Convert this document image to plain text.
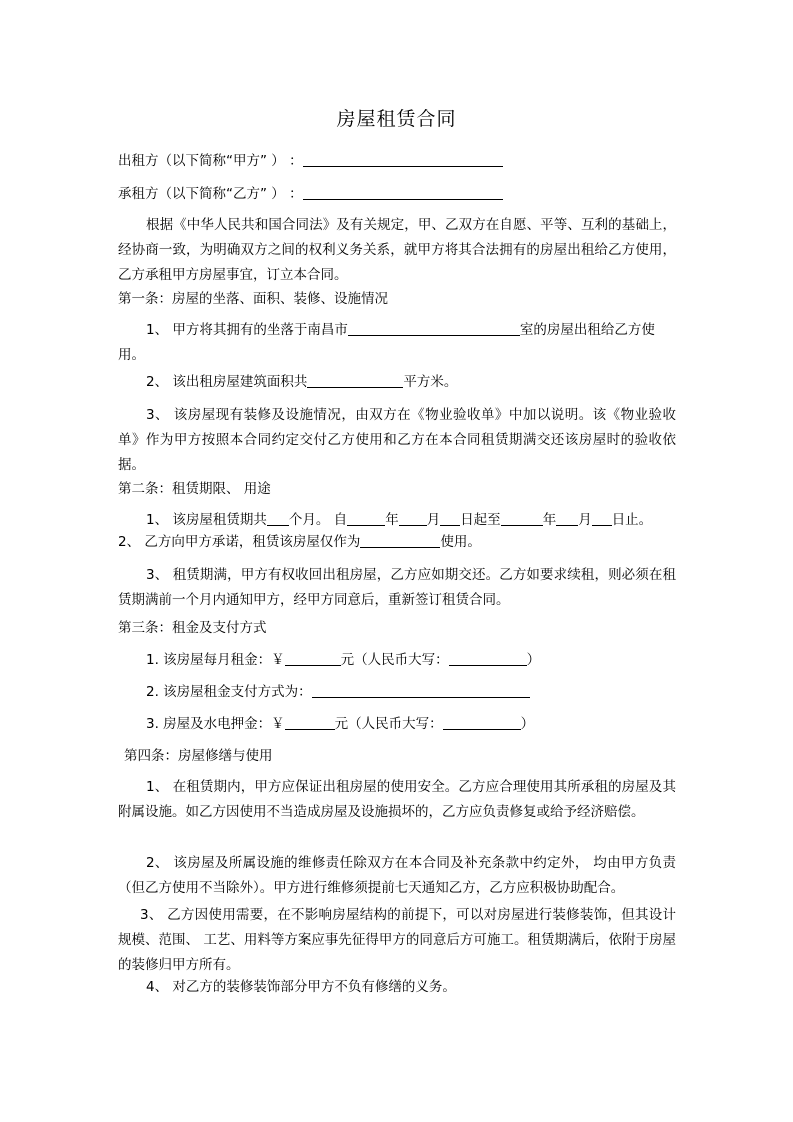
房屋租赁合同
出租方（以下简称“甲方” ） ：
承租方（以下简称“乙方” ） ：
根据《中华人民共和国合同法》及有关规定，甲、乙双方在自愿、平等、互利的基础上， 经协商一致，为明确双方之间的权利义务关系，就甲方将其合法拥有的房屋出租给乙方使用， 乙方承租甲方房屋事宜，订立本合同。
第一条：房屋的坐落、面积、装修、设施情况
1、 甲方将其拥有的坐落于南昌市	室的房屋出租给乙方使
用。
2、 该出租房屋建筑面积共	平方米。
3、 该房屋现有装修及设施情况，由双方在《物业验收单》中加以说明。该《物业验收单》作为甲方按照本合同约定交付乙方使用和乙方在本合同租赁期满交还该房屋时的验收依据。
第二条：租赁期限、 用途
1、 该房屋租赁期共 个月。 自	年 月 日起至	年 月 日止。
2、 乙方向甲方承诺，租赁该房屋仅作为	使用。
3、 租赁期满，甲方有权收回出租房屋，乙方应如期交还。乙方如要求续租，则必须在租赁期满前一个月内通知甲方，经甲方同意后，重新签订租赁合同。
第三条：租金及支付方式
1. 该房屋每月租金：￥	元（人民币大写：	）
2. 该房屋租金支付方式为：
3. 房屋及水电押金：￥	元（人民币大写：	）
第四条：房屋修缮与使用
1、 在租赁期内，甲方应保证出租房屋的使用安全。乙方应合理使用其所承租的房屋及其附属设施。如乙方因使用不当造成房屋及设施损坏的，乙方应负责修复或给予经济赔偿。
2、 该房屋及所属设施的维修责任除双方在本合同及补充条款中约定外， 均由甲方负责（但乙方使用不当除外）。甲方进行维修须提前七天通知乙方，乙方应积极协助配合。
3、 乙方因使用需要，在不影响房屋结构的前提下，可以对房屋进行装修装饰，但其设计规模、范围、 工艺、用料等方案应事先征得甲方的同意后方可施工。租赁期满后，依附于房屋的装修归甲方所有。
4、 对乙方的装修装饰部分甲方不负有修缮的义务。
